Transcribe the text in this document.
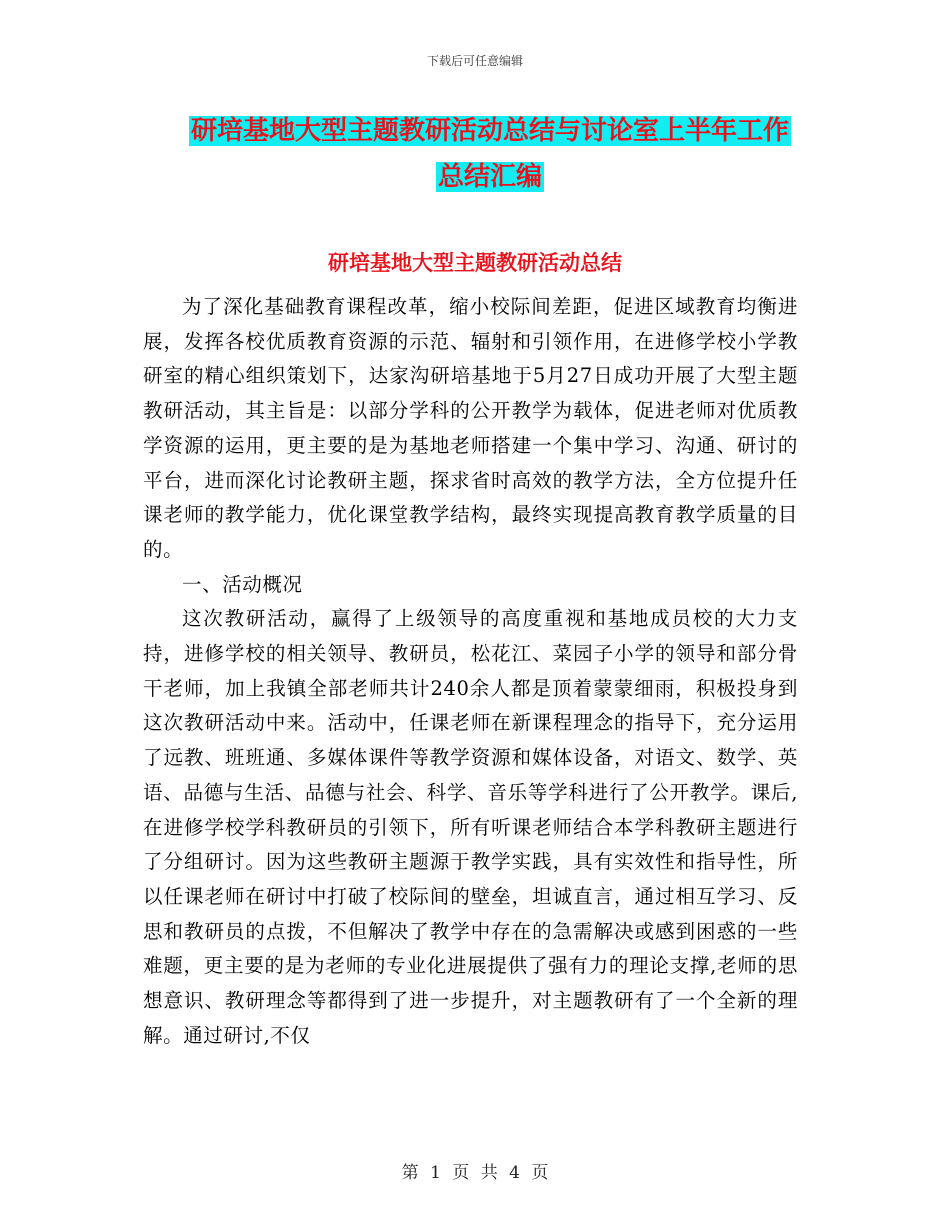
下载后可任意编辑
研培基地大型主题教研活动总结与讨论室上半年工作
总结汇编
研培基地大型主题教研活动总结

为了深化基础教育课程改革，缩小校际间差距，促进区域教育均衡进展，发挥各校优质教育资源的示范、辐射和引领作用，在进修学校小学教研室的精心组织策划下，达家沟研培基地于5月27日成功开展了大型主题教研活动，其主旨是：以部分学科的公开教学为载体，促进老师对优质教学资源的运用，更主要的是为基地老师搭建一个集中学习、沟通、研讨的平台，进而深化讨论教研主题，探求省时高效的教学方法，全方位提升任课老师的教学能力，优化课堂教学结构，最终实现提高教育教学质量的目的。

一、活动概况

这次教研活动，赢得了上级领导的高度重视和基地成员校的大力支持，进修学校的相关领导、教研员，松花江、菜园子小学的领导和部分骨干老师，加上我镇全部老师共计240余人都是顶着蒙蒙细雨，积极投身到这次教研活动中来。活动中，任课老师在新课程理念的指导下，充分运用了远教、班班通、多媒体课件等教学资源和媒体设备，对语文、数学、英语、品德与生活、品德与社会、科学、音乐等学科进行了公开教学。课后,在进修学校学科教研员的引领下，所有听课老师结合本学科教研主题进行了分组研讨。因为这些教研主题源于教学实践，具有实效性和指导性，所以任课老师在研讨中打破了校际间的壁垒，坦诚直言，通过相互学习、反思和教研员的点拨，不但解决了教学中存在的急需解决或感到困惑的一些难题，更主要的是为老师的专业化进展提供了强有力的理论支撑,老师的思想意识、教研理念等都得到了进一步提升，对主题教研有了一个全新的理解。通过研讨,不仅

第 1 页 共 4 页
